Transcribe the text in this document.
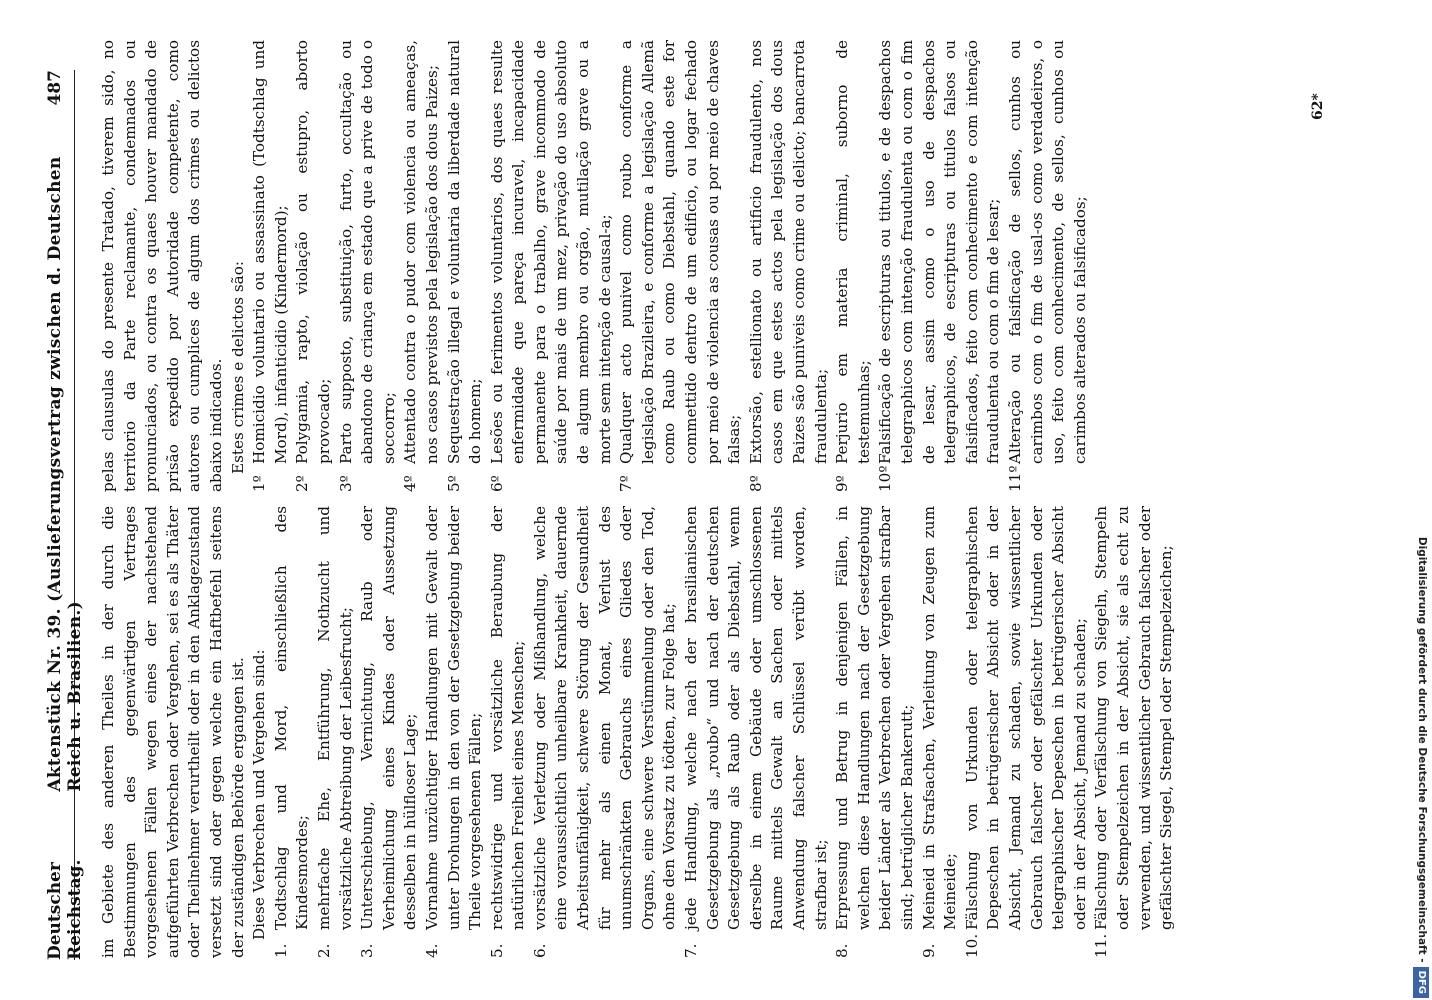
Deutscher Reichstag.
Aktenstück Nr. 39. (Auslieferungsvertrag zwischen d. Deutschen Reich u. Brasilien.)
487

im Gebiete des anderen Theiles in der durch die Bestimmungen des gegenwärtigen Vertrages vorgesehenen Fällen wegen eines der nachstehend aufgeführten Verbrechen oder Vergehen, sei es als Thäter oder Theilnehmer verurtheilt oder in den Anklagezustand versetzt sind oder gegen welche ein Haftbefehl seitens der zuständigen Behörde ergangen ist. Diese Verbrechen und Vergehen sind:

1.
Todtschlag und Mord, einschließlich des Kindesmordes;
2.
mehrfache Ehe, Entführung, Nothzucht und vorsätzliche Abtreibung der Leibesfrucht;
3.
Unterschiebung, Vernichtung, Raub oder Verheimlichung eines Kindes oder Aussetzung desselben in hülfloser Lage;
4.
Vornahme unzüchtiger Handlungen mit Gewalt oder unter Drohungen in den von der Gesetzgebung beider Theile vorgesehenen Fällen;
5.
rechtswidrige und vorsätzliche Beraubung der natürlichen Freiheit eines Menschen;
6.
vorsätzliche Verletzung oder Mißhandlung, welche eine voraussichtlich unheilbare Krankheit, dauernde Arbeitsunfähigkeit, schwere Störung der Gesundheit für mehr als einen Monat, Verlust des unumschränkten Gebrauchs eines Gliedes oder Organs, eine schwere Verstümmelung oder den Tod, ohne den Vorsatz zu tödten, zur Folge hat;
7.
jede Handlung, welche nach der brasilianischen Gesetzgebung als „roubo“ und nach der deutschen Gesetzgebung als Raub oder als Diebstahl, wenn derselbe in einem Gebäude oder umschlossenen Raume mittels Gewalt an Sachen oder mittels Anwendung falscher Schlüssel verübt worden, strafbar ist;
8.
Erpressung und Betrug in denjenigen Fällen, in welchen diese Handlungen nach der Gesetzgebung beider Länder als Verbrechen oder Vergehen strafbar sind; betrüglicher Bankerutt;
9.
Meineid in Strafsachen, Verleitung von Zeugen zum Meineide;
10.
Fälschung von Urkunden oder telegraphischen Depeschen in betrügerischer Absicht oder in der Absicht, Jemand zu schaden, sowie wissentlicher Gebrauch falscher oder gefälschter Urkunden oder telegraphischer Depeschen in betrügerischer Absicht oder in der Absicht, Jemand zu schaden;
11.
Fälschung oder Verfälschung von Siegeln, Stempeln oder Stempelzeichen in der Absicht, sie als echt zu verwenden, und wissentlicher Gebrauch falscher oder gefälschter Siegel, Stempel oder Stempelzeichen;

pelas clausulas do presente Tratado, tiverem sido, no territorio da Parte reclamante, condemnados ou pronunciados, ou contra os quaes houver mandado de prisão expedido por Autoridade competente, como autores ou cumplices de algum dos crimes ou delictos abaixo indicados. Estes crimes e delictos são:

1º
Homicidio voluntario ou assassinato (Todtschlag und Mord), infanticidio (Kindermord);
2º
Polygamia, rapto, violação ou estupro, aborto provocado;
3º
Parto supposto, substituição, furto, occultação ou abandono de criança em estado que a prive de todo o soccorro;
4º
Attentado contra o pudor com violencia ou ameaças, nos casos previstos pela legislação dos dous Paizes;
5º
Sequestração illegal e voluntaria da liberdade natural do homem;
6º
Lesões ou ferimentos voluntarios, dos quaes resulte enfermidade que pareça incuravel, incapacidade permanente para o trabalho, grave incommodo de saúde por mais de um mez, privação do uso absoluto de algum membro ou orgão, mutilação grave ou a morte sem intenção de causal-a;
7º
Qualquer acto punivel como roubo conforme a legislação Brazileira, e conforme a legislação Allemã como Raub ou como Diebstahl, quando este for commettido dentro de um edificio, ou logar fechado por meio de violencia as cousas ou por meio de chaves falsas;
8º
Extorsão, estellionato ou artificio fraudulento, nos casos em que estes actos pela legislação dos dous Paizes são puniveis como crime ou delicto; bancarrota fraudulenta;
9º
Perjurio em materia criminal, suborno de testemunhas;
10º
Falsificação de escripturas ou titulos, e de despachos telegraphicos com intenção fraudulenta ou com o fim de lesar, assim como o uso de despachos telegraphicos, de escripturas ou titulos falsos ou falsificados, feito com conhecimento e com intenção fraudulenta ou com o fim de lesar;
11º
Alteração ou falsificação de sellos, cunhos ou carimbos com o fim de usal-os como verdadeiros, o uso, feito com conhecimento, de sellos, cunhos ou carimbos alterados ou falsificados;
62*
Digitalisierung gefördert durch die Deutsche Forschungsgemeinschaft -DFG
